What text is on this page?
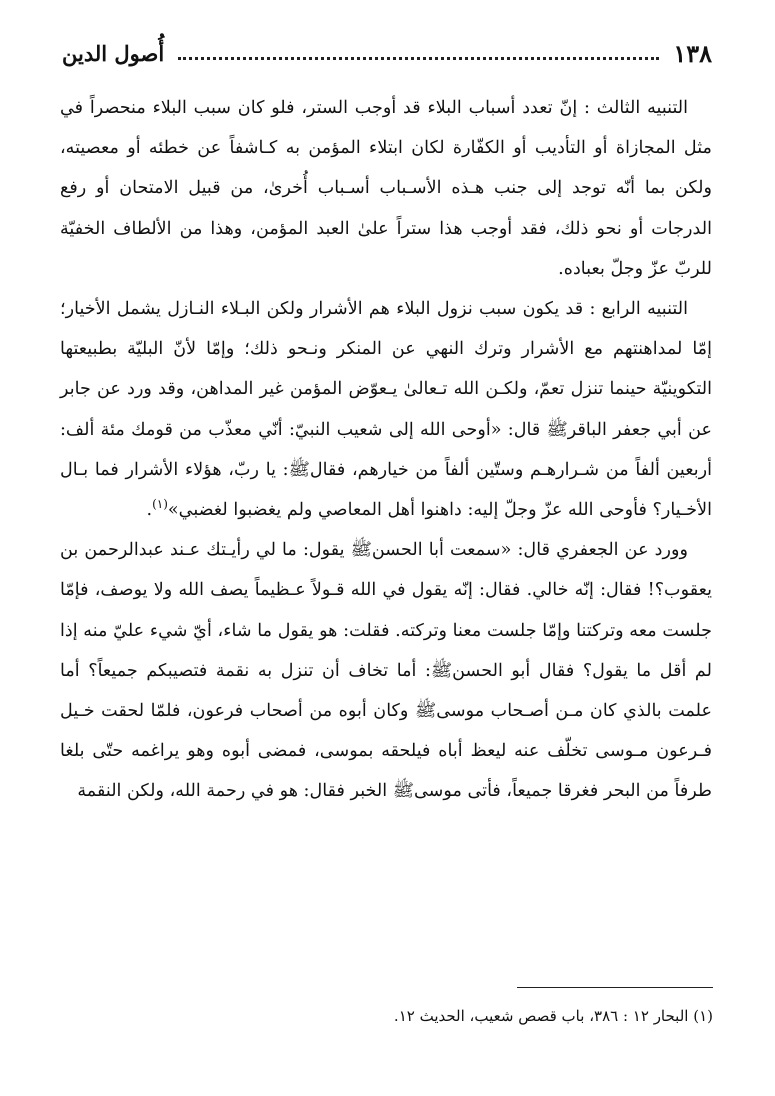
١٣٨
أُصول الدين

التنبيه الثالث : إنّ تعدد أسباب البلاء قد أوجب الستر، فلو كان سبب البلاء منحصراً في مثل المجازاة أو التأديب أو الكفّارة لكان ابتلاء المؤمن به كـاشفاً عن خطئه أو معصيته، ولكن بما أنّه توجد إلى جنب هـذه الأسـباب أسـباب أُخرىٰ، من قبيل الامتحان أو رفع الدرجات أو نحو ذلك، فقد أوجب هذا ستراً علىٰ العبد المؤمن، وهذا من الألطاف الخفيّة للربّ عزّ وجلّ بعباده.

التنبيه الرابع : قد يكون سبب نزول البلاء هم الأشرار ولكن البـلاء النـازل يشمل الأخيار؛ إمّا لمداهنتهم مع الأشرار وترك النهي عن المنكر ونـحو ذلك؛ وإمّا لأنّ البليّة بطبيعتها التكوينيّة حينما تنزل تعمّ، ولكـن الله تـعالىٰ يـعوّض المؤمن غير المداهن، وقد ورد عن جابر عن أبي جعفر الباقرﷺ قال: «أوحى الله إلى شعيب النبيّ: أنّي معذّب من قومك مئة ألف: أربعين ألفاً من شـرارهـم وستّين ألفاً من خيارهم، فقالﷺ: يا ربّ، هؤلاء الأشرار فما بـال الأخـيار؟ فأوحى الله عزّ وجلّ إليه: داهنوا أهل المعاصي ولم يغضبوا لغضبي»$^{(١)}$.

وورد عن الجعفري قال: «سمعت أبا الحسنﷺ يقول: ما لي رأيـتك عـند عبدالرحمن بن يعقوب؟! فقال: إنّه خالي. فقال: إنّه يقول في الله قـولاً عـظيماً يصف الله ولا يوصف، فإمّا جلست معه وتركتنا وإمّا جلست معنا وتركته. فقلت: هو يقول ما شاء، أيّ شيء عليّ منه إذا لم أقل ما يقول؟ فقال أبو الحسنﷺ: أما تخاف أن تنزل به نقمة فتصيبكم جميعاً؟ أما علمت بالذي كان مـن أصـحاب موسىﷺ وكان أبوه من أصحاب فرعون، فلمّا لحقت خـيل فـرعون مـوسى تخلّف عنه ليعظ أباه فيلحقه بموسى، فمضى أبوه وهو يراغمه حتّى بلغا طرفاً من البحر فغرقا جميعاً، فأتى موسىﷺ الخبر فقال: هو في رحمة الله، ولكن النقمة

(١) البحار ١٢ : ٣٨٦، باب قصص شعيب، الحديث ١٢.
